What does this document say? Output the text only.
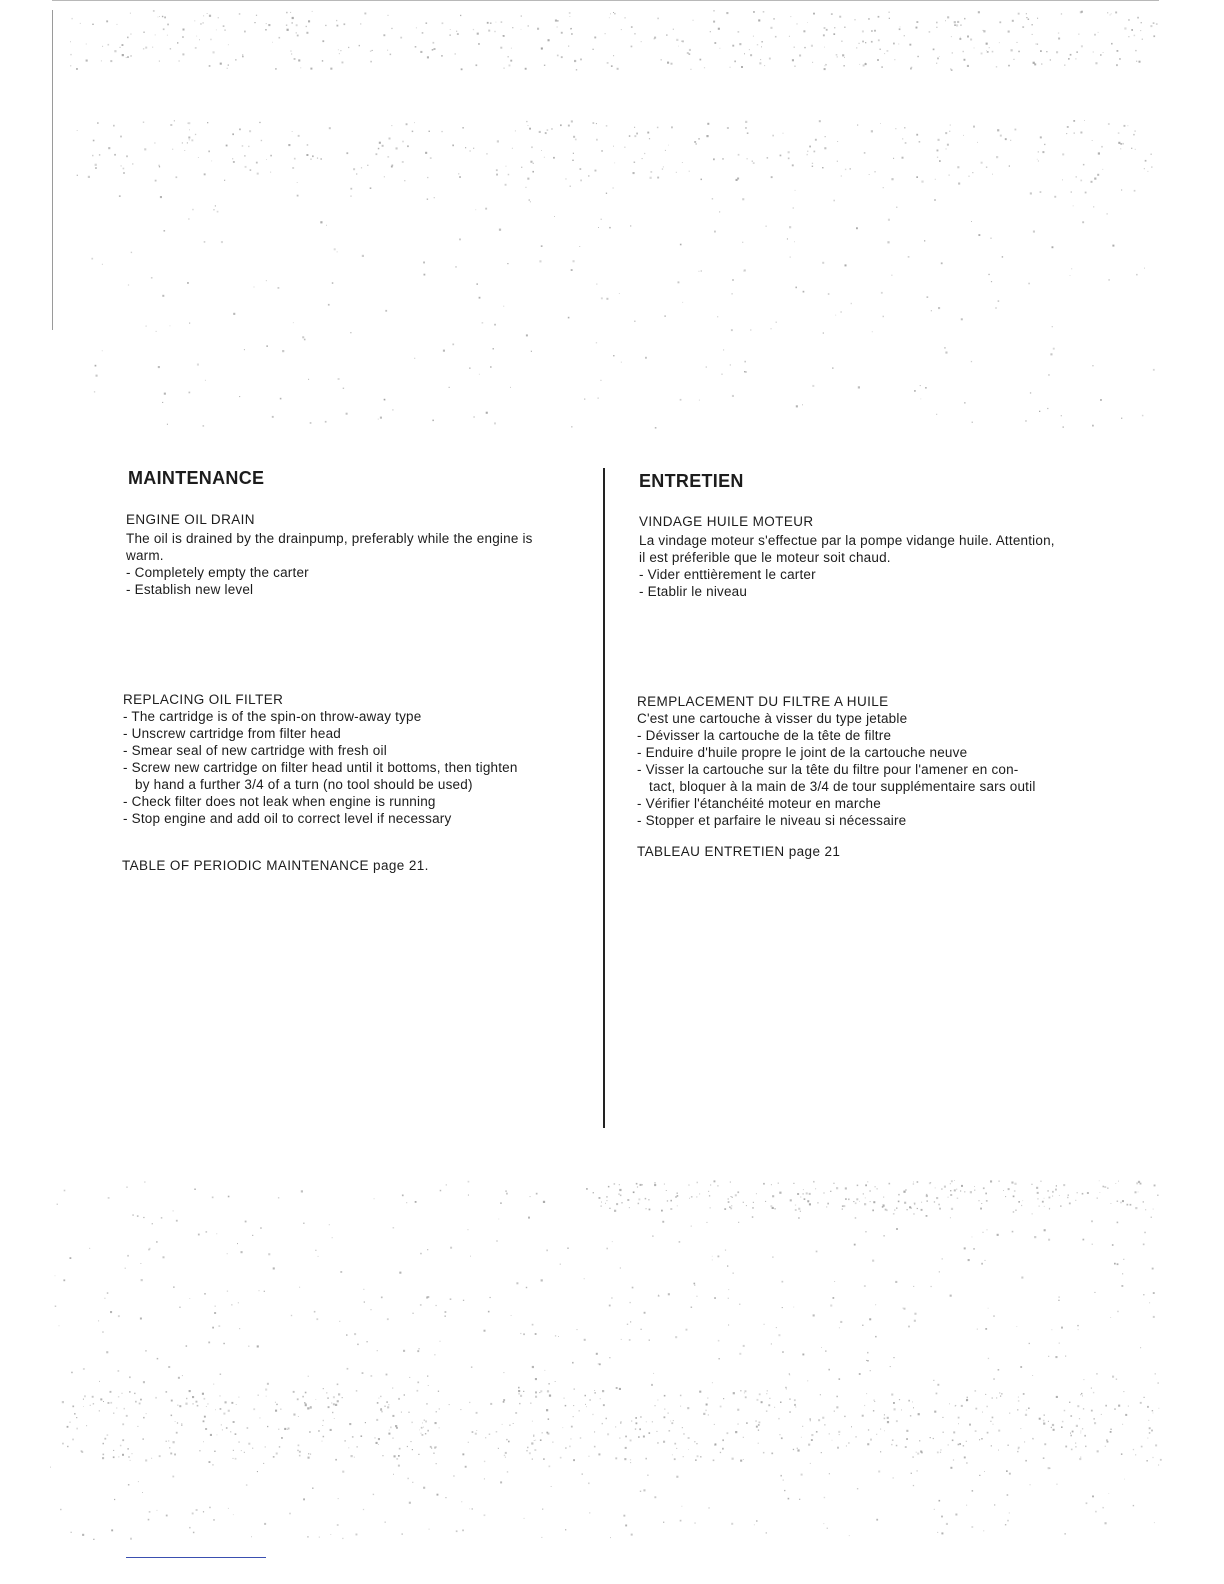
MAINTENANCE
ENGINE OIL DRAIN
The oil is drained by the drainpump, preferably while the engine is
warm.
- Completely empty the carter
- Establish new level
REPLACING OIL FILTER
- The cartridge is of the spin-on throw-away type
- Unscrew cartridge from filter head
- Smear seal of new cartridge with fresh oil
- Screw new cartridge on filter head until it bottoms, then tighten
by hand a further 3/4 of a turn (no tool should be used)
- Check filter does not leak when engine is running
- Stop engine and add oil to correct level if necessary
TABLE OF PERIODIC MAINTENANCE page 21.
ENTRETIEN
VINDAGE HUILE MOTEUR
La vindage moteur s'effectue par la pompe vidange huile. Attention,
il est préferible que le moteur soit chaud.
- Vider enttièrement le carter
- Etablir le niveau
REMPLACEMENT DU FILTRE A HUILE
C'est une cartouche à visser du type jetable
- Dévisser la cartouche de la tête de filtre
- Enduire d'huile propre le joint de la cartouche neuve
- Visser la cartouche sur la tête du filtre pour l'amener en con-
tact, bloquer à la main de 3/4 de tour supplémentaire sars outil
- Vérifier l'étanchéité moteur en marche
- Stopper et parfaire le niveau si nécessaire
TABLEAU ENTRETIEN page 21
